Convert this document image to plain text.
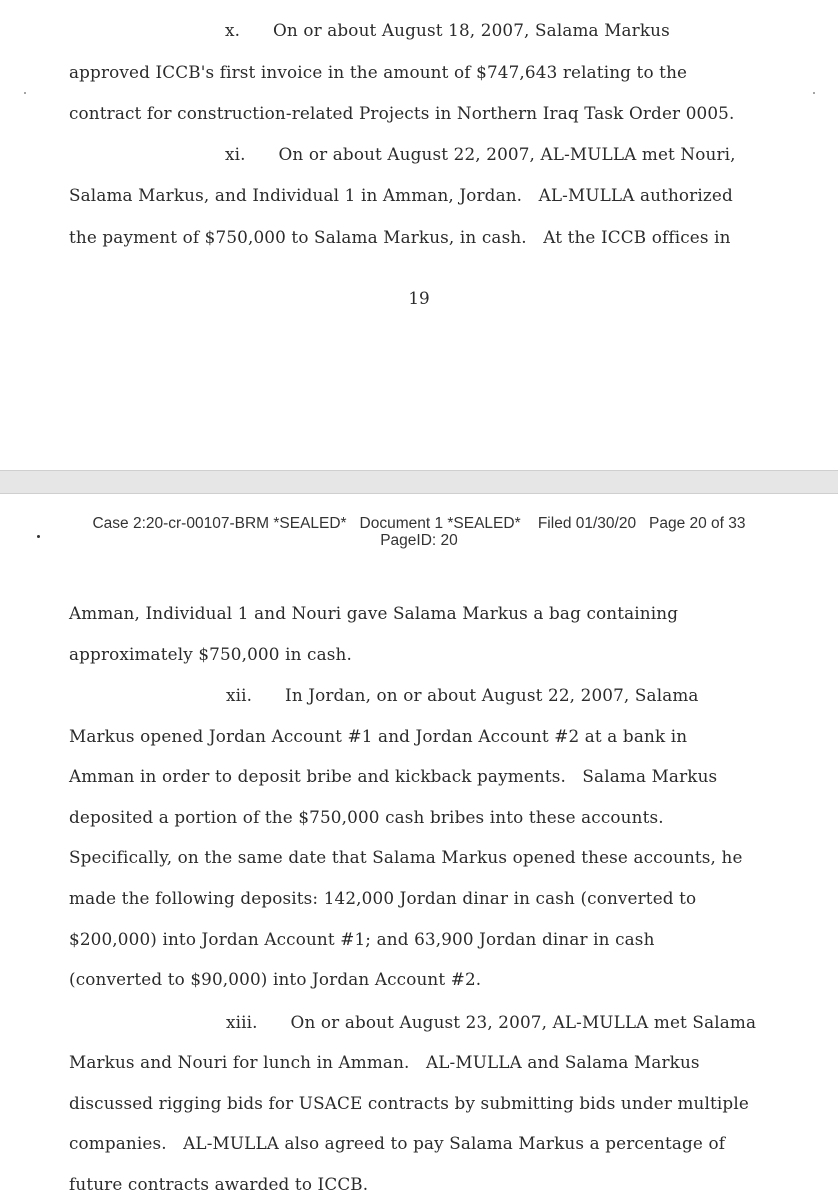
x.      On or about August 18, 2007, Salama Markus
approved ICCB's first invoice in the amount of $747,643 relating to the
contract for construction-related Projects in Northern Iraq Task Order 0005.
xi.      On or about August 22, 2007, AL-MULLA met Nouri,
Salama Markus, and Individual 1 in Amman, Jordan.   AL-MULLA authorized
the payment of $750,000 to Salama Markus, in cash.   At the ICCB offices in
19
Case 2:20-cr-00107-BRM *SEALED*   Document 1 *SEALED*    Filed 01/30/20   Page 20 of 33
PageID: 20
Amman, Individual 1 and Nouri gave Salama Markus a bag containing
approximately $750,000 in cash.
xii.      In Jordan, on or about August 22, 2007, Salama
Markus opened Jordan Account #1 and Jordan Account #2 at a bank in
Amman in order to deposit bribe and kickback payments.   Salama Markus
deposited a portion of the $750,000 cash bribes into these accounts.
Specifically, on the same date that Salama Markus opened these accounts, he
made the following deposits: 142,000 Jordan dinar in cash (converted to
$200,000) into Jordan Account #1; and 63,900 Jordan dinar in cash
(converted to $90,000) into Jordan Account #2.
xiii.      On or about August 23, 2007, AL-MULLA met Salama
Markus and Nouri for lunch in Amman.   AL-MULLA and Salama Markus
discussed rigging bids for USACE contracts by submitting bids under multiple
companies.   AL-MULLA also agreed to pay Salama Markus a percentage of
future contracts awarded to ICCB.
